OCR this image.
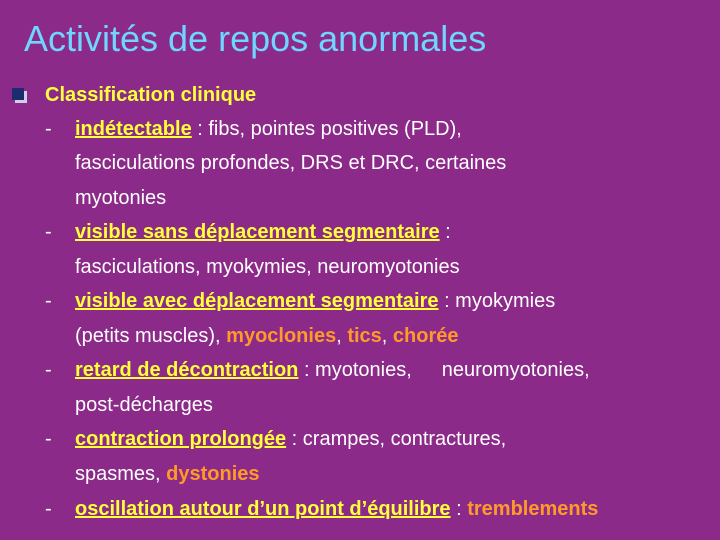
Activités de repos anormales
Classification clinique
- indétectable : fibs, pointes positives (PLD),
fasciculations profondes, DRS et DRC, certaines
myotonies
- visible sans déplacement segmentaire :
fasciculations, myokymies, neuromyotonies
- visible avec déplacement segmentaire : myokymies
(petits muscles), myoclonies, tics, chorée
- retard de décontraction : myotonies, neuromyotonies,
post-décharges
- contraction prolongée : crampes, contractures,
spasmes, dystonies
- oscillation autour d’un point d’équilibre : tremblements
